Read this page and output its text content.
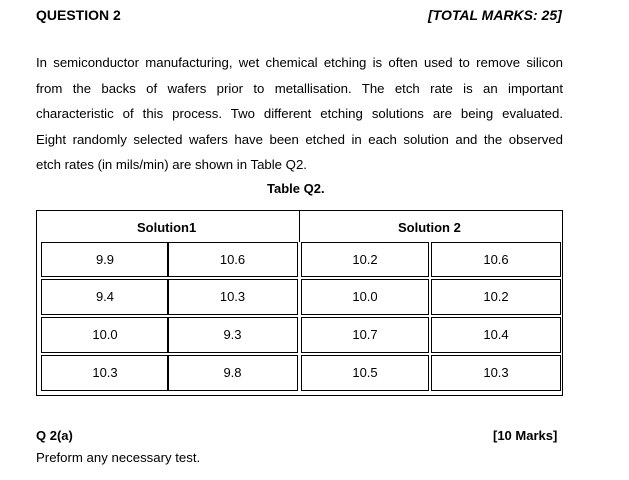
QUESTION 2	[TOTAL MARKS: 25]
In semiconductor manufacturing, wet chemical etching is often used to remove silicon
from the backs of wafers prior to metallisation. The etch rate is an important
characteristic of this process. Two different etching solutions are being evaluated.
Eight randomly selected wafers have been etched in each solution and the observed
etch rates (in mils/min) are shown in Table Q2.
Table Q2.
Solution1	Solution 2
9.9	10.6	10.2	10.6
9.4	10.3	10.0	10.2
10.0	9.3	10.7	10.4
10.3	9.8	10.5	10.3
Q 2(a)	[10 Marks]
Preform any necessary test.
